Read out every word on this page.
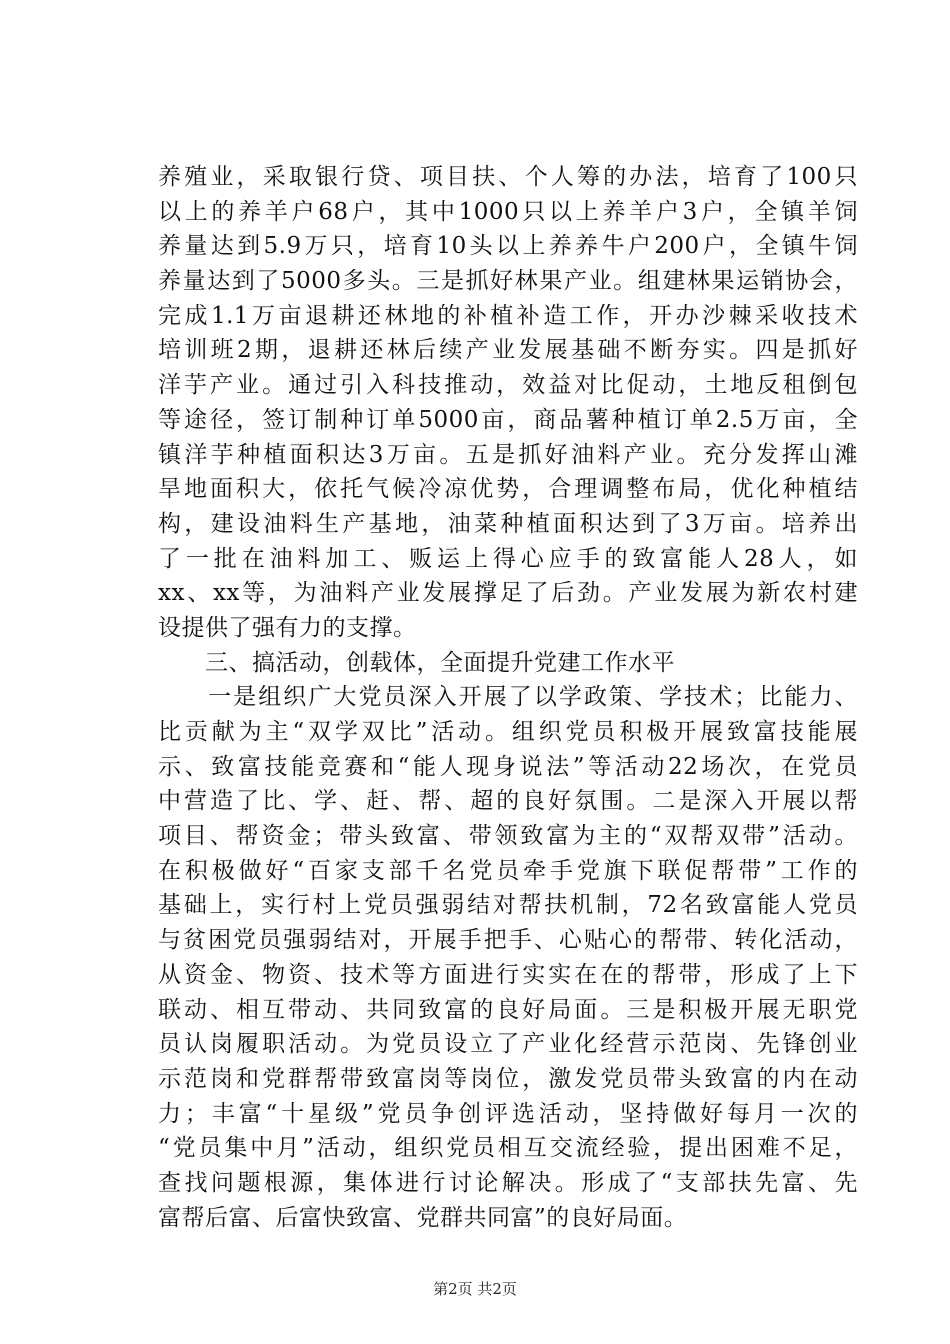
养殖业，采取银行贷、项目扶、个人筹的办法，培育了100只
以上的养羊户68户，其中1000只以上养羊户3户，全镇羊饲
养量达到5.9万只，培育10头以上养养牛户200户，全镇牛饲
养量达到了5000多头。三是抓好林果产业。组建林果运销协会，
完成1.1万亩退耕还林地的补植补造工作，开办沙棘采收技术
培训班2期，退耕还林后续产业发展基础不断夯实。四是抓好
洋芋产业。通过引入科技推动，效益对比促动，土地反租倒包
等途径，签订制种订单5000亩，商品薯种植订单2.5万亩，全
镇洋芋种植面积达3万亩。五是抓好油料产业。充分发挥山滩
旱地面积大，依托气候冷凉优势，合理调整布局，优化种植结
构，建设油料生产基地，油菜种植面积达到了3万亩。培养出
了一批在油料加工、贩运上得心应手的致富能人28人，如
xx、xx等，为油料产业发展撑足了后劲。产业发展为新农村建
设提供了强有力的支撑。
　　三、搞活动，创载体，全面提升党建工作水平
　　一是组织广大党员深入开展了以学政策、学技术；比能力、
比贡献为主“双学双比”活动。组织党员积极开展致富技能展
示、致富技能竞赛和“能人现身说法”等活动22场次，在党员
中营造了比、学、赶、帮、超的良好氛围。二是深入开展以帮
项目、帮资金；带头致富、带领致富为主的“双帮双带”活动。
在积极做好“百家支部千名党员牵手党旗下联促帮带”工作的
基础上，实行村上党员强弱结对帮扶机制，72名致富能人党员
与贫困党员强弱结对，开展手把手、心贴心的帮带、转化活动，
从资金、物资、技术等方面进行实实在在的帮带，形成了上下
联动、相互带动、共同致富的良好局面。三是积极开展无职党
员认岗履职活动。为党员设立了产业化经营示范岗、先锋创业
示范岗和党群帮带致富岗等岗位，激发党员带头致富的内在动
力；丰富“十星级”党员争创评选活动，坚持做好每月一次的
“党员集中月”活动，组织党员相互交流经验，提出困难不足，
查找问题根源，集体进行讨论解决。形成了“支部扶先富、先
富帮后富、后富快致富、党群共同富”的良好局面。
第2页 共2页
